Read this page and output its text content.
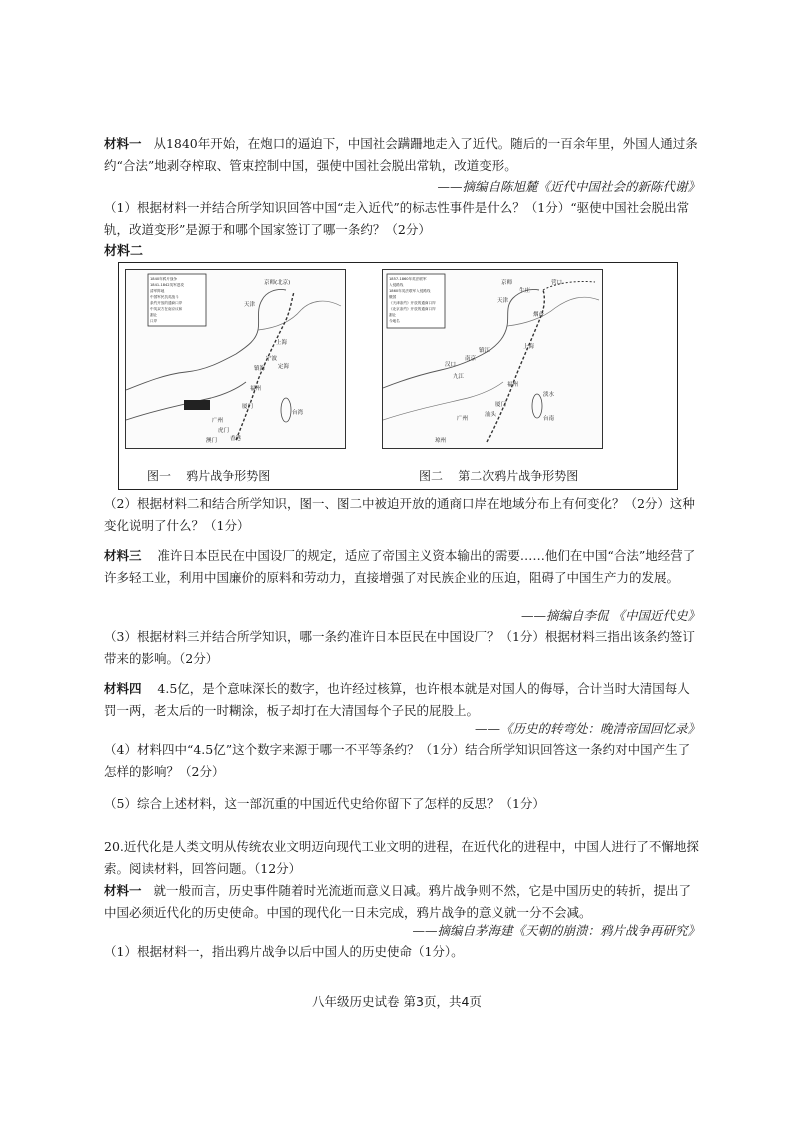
材料一 从1840年开始，在炮口的逼迫下，中国社会蹒跚地走入了近代。随后的一百余年里，外国人通过条约“合法”地剥夺榨取、管束控制中国，强使中国社会脱出常轨，改道变形。

——摘编自陈旭麓《近代中国社会的新陈代谢》

（1）根据材料一并结合所学知识回答中国“走入近代”的标志性事件是什么？（1分）“驱使中国社会脱出常轨，改道变形”是源于和哪个国家签订了哪一条约？（2分）

材料二

1840年鸦片战争
1841-1842英军进攻
清军阵地
中国军民抗英战斗
条约开放的通商口岸
中英双方在南京议和
割让
口岸
京师(北京)
天津
宁波
上海
定海
镇海
福州
厦门
广州
虎门
香港
澳门
台湾
1857-1860年英法联军
入侵路线
1860年英法联军入侵路线
俄国
《天津条约》开放的通商口岸
《北京条约》开放的通商口岸
割让
今地名
京师
天津
营口
烟台
牛庄
镇江
南京
上海
汉口
九江
福州
淡水
厦门
汕头
广州
琼州
台南
图一 鸦片战争形势图	图二 第二次鸦片战争形势图

（2）根据材料二和结合所学知识，图一、图二中被迫开放的通商口岸在地域分布上有何变化？（2分）这种变化说明了什么？（1分）

材料三 准许日本臣民在中国设厂的规定，适应了帝国主义资本输出的需要……他们在中国“合法”地经营了许多轻工业，利用中国廉价的原料和劳动力，直接增强了对民族企业的压迫，阻碍了中国生产力的发展。

——摘编自李侃 《中国近代史》

（3）根据材料三并结合所学知识，哪一条约准许日本臣民在中国设厂？（1分）根据材料三指出该条约签订带来的影响。（2分）

材料四 4.5亿，是个意味深长的数字，也许经过核算，也许根本就是对国人的侮辱，合计当时大清国每人罚一两，老太后的一时糊涂，板子却打在大清国每个子民的屁股上。

——《历史的转弯处：晚清帝国回忆录》

（4）材料四中“4.5亿”这个数字来源于哪一不平等条约？（1分）结合所学知识回答这一条约对中国产生了怎样的影响？（2分）

（5）综合上述材料，这一部沉重的中国近代史给你留下了怎样的反思？（1分）

20.近代化是人类文明从传统农业文明迈向现代工业文明的进程，在近代化的进程中，中国人进行了不懈地探索。阅读材料，回答问题。（12分）

材料一 就一般而言，历史事件随着时光流逝而意义日减。鸦片战争则不然，它是中国历史的转折，提出了中国必须近代化的历史使命。中国的现代化一日未完成，鸦片战争的意义就一分不会减。

——摘编自茅海建《天朝的崩溃：鸦片战争再研究》

（1）根据材料一，指出鸦片战争以后中国人的历史使命（1分）。

八年级历史试卷 第3页，共4页
